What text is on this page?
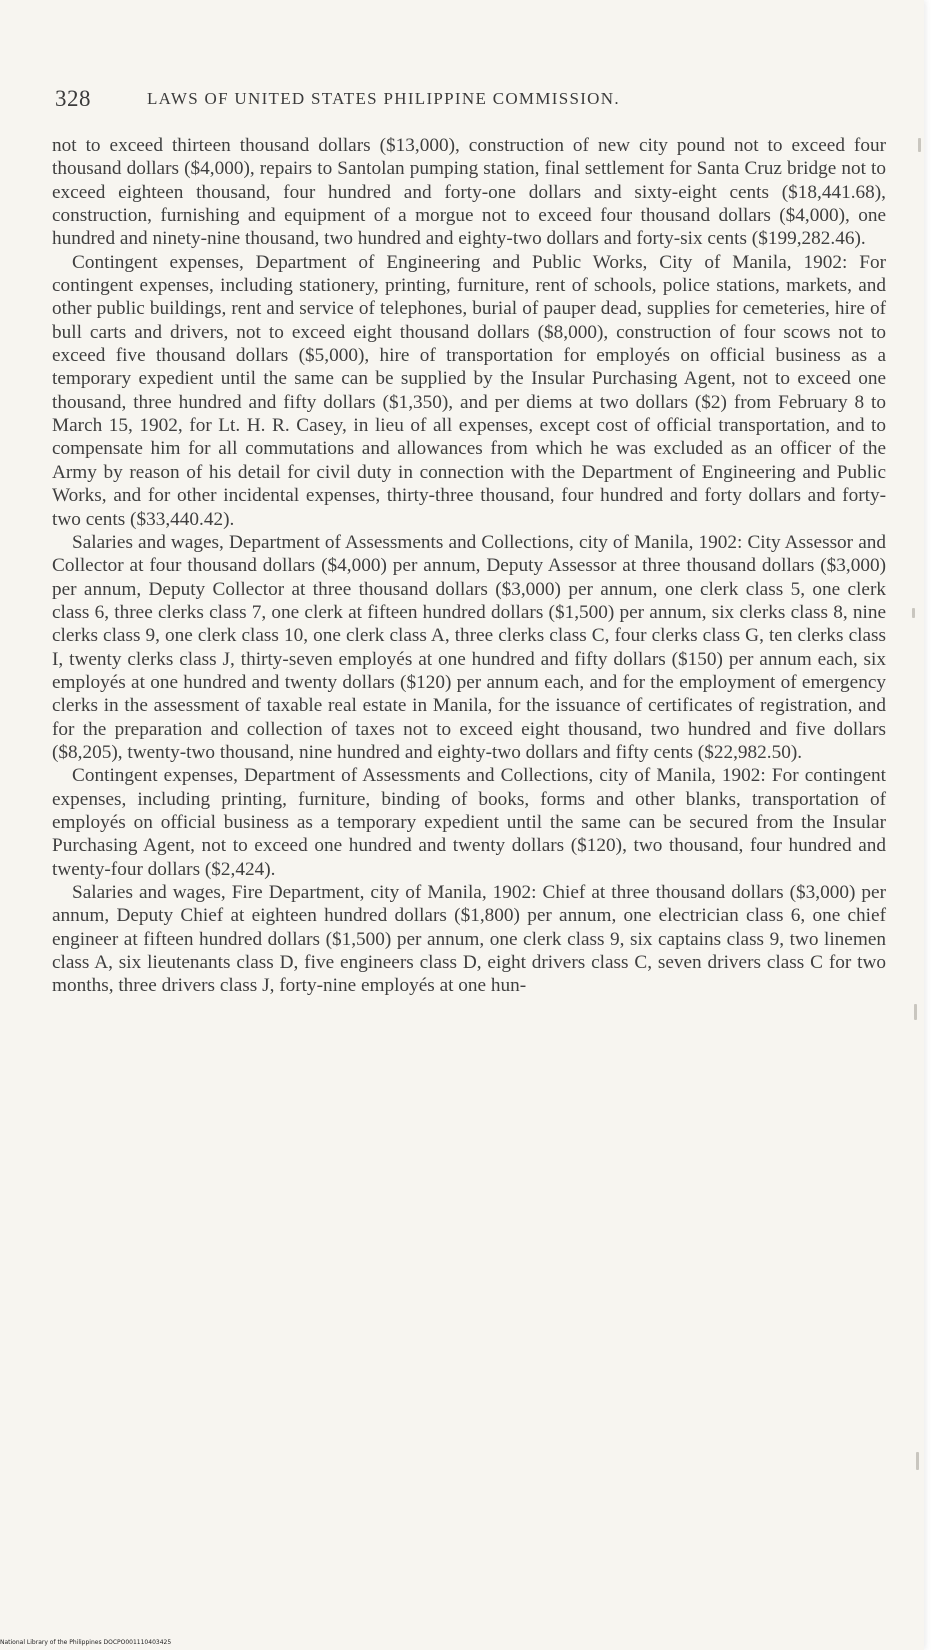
328	LAWS OF UNITED STATES PHILIPPINE COMMISSION.

not to exceed thirteen thousand dollars ($13,000), construction of new city pound not to exceed four thousand dollars ($4,000), repairs to Santolan pumping station, final settlement for Santa Cruz bridge not to exceed eighteen thousand, four hundred and forty-one dollars and sixty-eight cents ($18,441.68), construction, furnishing and equipment of a morgue not to exceed four thousand dollars ($4,000), one hundred and ninety-nine thousand, two hundred and eighty-two dollars and forty-six cents ($199,282.46).

Contingent expenses, Department of Engineering and Public Works, City of Manila, 1902: For contingent expenses, including stationery, printing, furniture, rent of schools, police stations, markets, and other public buildings, rent and service of telephones, burial of pauper dead, supplies for cemeteries, hire of bull carts and drivers, not to exceed eight thousand dollars ($8,000), construction of four scows not to exceed five thousand dollars ($5,000), hire of transportation for employés on official business as a temporary expedient until the same can be supplied by the Insular Purchasing Agent, not to exceed one thousand, three hundred and fifty dollars ($1,350), and per diems at two dollars ($2) from February 8 to March 15, 1902, for Lt. H. R. Casey, in lieu of all expenses, except cost of official transportation, and to compensate him for all commutations and allowances from which he was excluded as an officer of the Army by reason of his detail for civil duty in connection with the Department of Engineering and Public Works, and for other incidental expenses, thirty-three thousand, four hundred and forty dollars and forty-two cents ($33,440.42).

Salaries and wages, Department of Assessments and Collections, city of Manila, 1902: City Assessor and Collector at four thousand dollars ($4,000) per annum, Deputy Assessor at three thousand dollars ($3,000) per annum, Deputy Collector at three thousand dollars ($3,000) per annum, one clerk class 5, one clerk class 6, three clerks class 7, one clerk at fifteen hundred dollars ($1,500) per annum, six clerks class 8, nine clerks class 9, one clerk class 10, one clerk class A, three clerks class C, four clerks class G, ten clerks class I, twenty clerks class J, thirty-seven employés at one hundred and fifty dollars ($150) per annum each, six employés at one hundred and twenty dollars ($120) per annum each, and for the employment of emergency clerks in the assessment of taxable real estate in Manila, for the issuance of certificates of registration, and for the preparation and collection of taxes not to exceed eight thousand, two hundred and five dollars ($8,205), twenty-two thousand, nine hundred and eighty-two dollars and fifty cents ($22,982.50).

Contingent expenses, Department of Assessments and Collections, city of Manila, 1902: For contingent expenses, including printing, furniture, binding of books, forms and other blanks, transportation of employés on official business as a temporary expedient until the same can be secured from the Insular Purchasing Agent, not to exceed one hundred and twenty dollars ($120), two thousand, four hundred and twenty-four dollars ($2,424).

Salaries and wages, Fire Department, city of Manila, 1902: Chief at three thousand dollars ($3,000) per annum, Deputy Chief at eighteen hundred dollars ($1,800) per annum, one electrician class 6, one chief engineer at fifteen hundred dollars ($1,500) per annum, one clerk class 9, six captains class 9, two linemen class A, six lieutenants class D, five engineers class D, eight drivers class C, seven drivers class C for two months, three drivers class J, forty-nine employés at one hun-

National Library of the Philippines DOCPO001110403425
